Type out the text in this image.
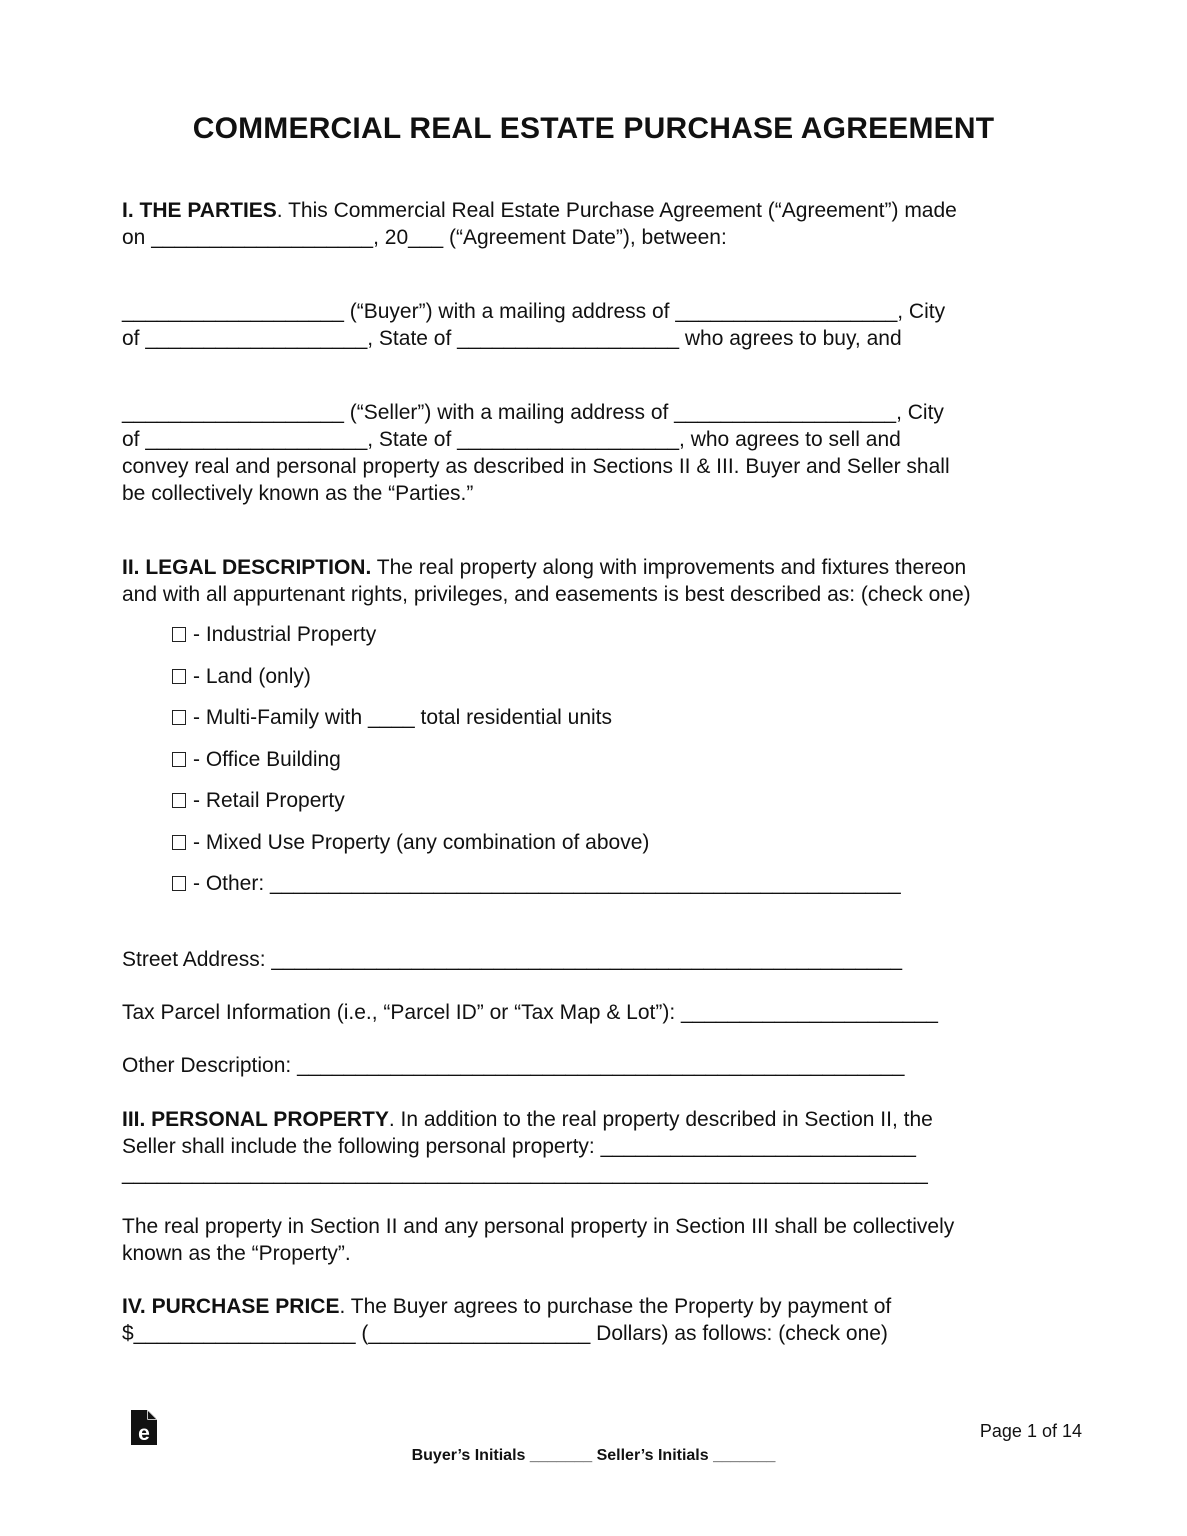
COMMERCIAL REAL ESTATE PURCHASE AGREEMENT
I. THE PARTIES. This Commercial Real Estate Purchase Agreement (“Agreement”) made
on ___________________, 20___ (“Agreement Date”), between:
___________________ (“Buyer”) with a mailing address of ___________________, City
of ___________________, State of ___________________ who agrees to buy, and
___________________ (“Seller”) with a mailing address of ___________________, City
of ___________________, State of ___________________, who agrees to sell and
convey real and personal property as described in Sections II & III. Buyer and Seller shall
be collectively known as the “Parties.”
II. LEGAL DESCRIPTION. The real property along with improvements and fixtures thereon
and with all appurtenant rights, privileges, and easements is best described as: (check one)
- Industrial Property
- Land (only)
- Multi-Family with ____ total residential units
- Office Building
- Retail Property
- Mixed Use Property (any combination of above)
- Other: ______________________________________________________
Street Address: ______________________________________________________
Tax Parcel Information (i.e., “Parcel ID” or “Tax Map & Lot”): ______________________
Other Description: ____________________________________________________
III. PERSONAL PROPERTY. In addition to the real property described in Section II, the
Seller shall include the following personal property: ___________________________
_____________________________________________________________________
The real property in Section II and any personal property in Section III shall be collectively
known as the “Property”.
IV. PURCHASE PRICE. The Buyer agrees to purchase the Property by payment of
$___________________ (___________________ Dollars) as follows: (check one)
e	Page 1 of 14
Buyer’s Initials _______ Seller’s Initials _______
